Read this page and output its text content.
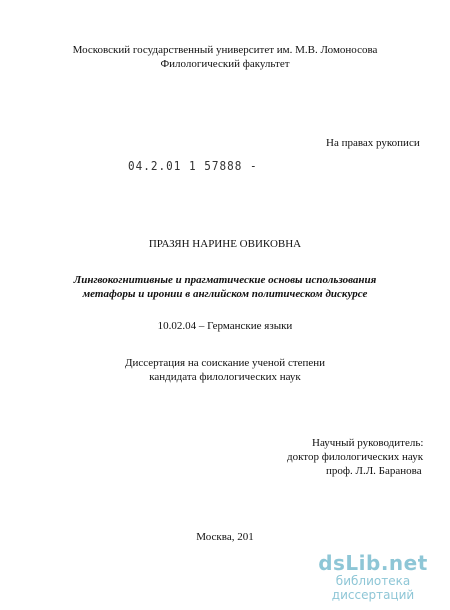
Московский государственный университет им. М.В. Ломоносова
Филологический факультет
На правах рукописи
04.2.01 1 57888 -
ПРАЗЯН НАРИНЕ ОВИКОВНА
Лингвокогнитивные и прагматические основы использования
метафоры и иронии в английском политическом дискурсе
10.02.04 – Германские языки
Диссертация на соискание ученой степени
кандидата филологических наук
Научный руководитель:
доктор филологических наук
проф. Л.Л. Баранова
Москва, 201
dsLib.net
библиотека диссертаций
